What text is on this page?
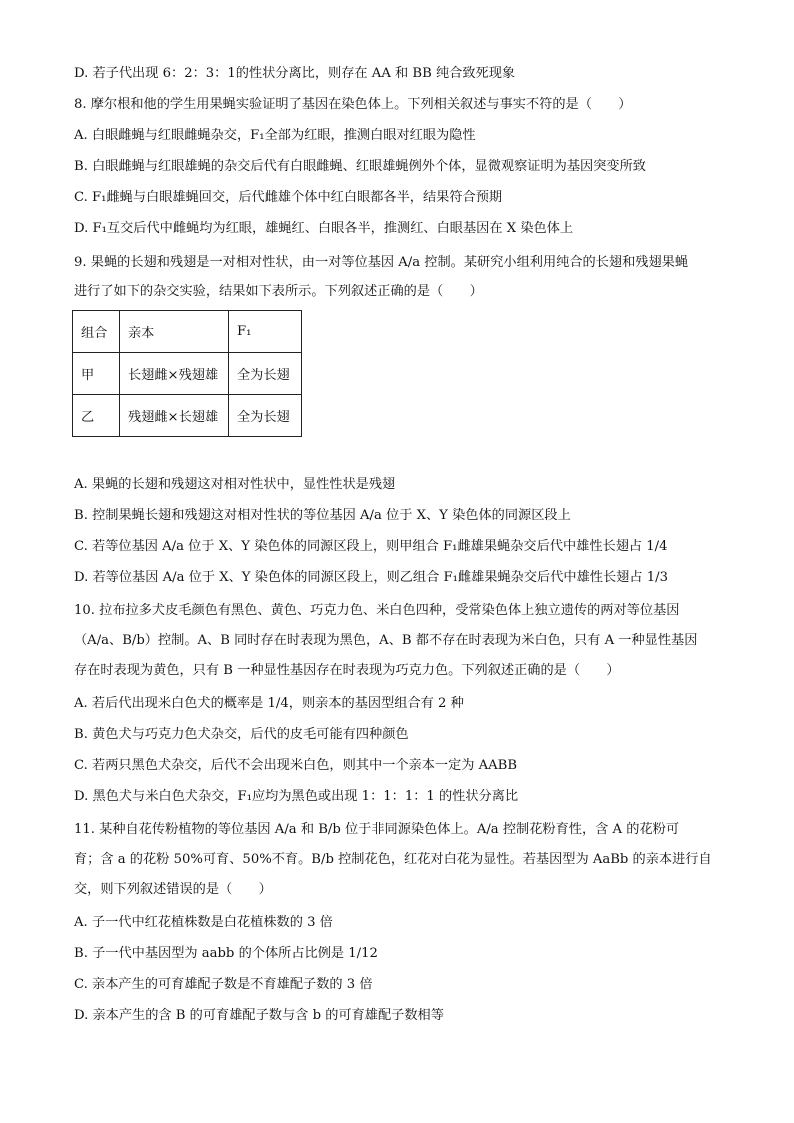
D. 若子代出现 6：2：3：1的性状分离比，则存在 AA 和 BB 纯合致死现象
8. 摩尔根和他的学生用果蝇实验证明了基因在染色体上。下列相关叙述与事实不符的是（　　）
A. 白眼雌蝇与红眼雌蝇杂交，F₁全部为红眼，推测白眼对红眼为隐性
B. 白眼雌蝇与红眼雄蝇的杂交后代有白眼雌蝇、红眼雄蝇例外个体，显微观察证明为基因突变所致
C. F₁雌蝇与白眼雄蝇回交，后代雌雄个体中红白眼都各半，结果符合预期
D. F₁互交后代中雌蝇均为红眼，雄蝇红、白眼各半，推测红、白眼基因在 X 染色体上
9. 果蝇的长翅和残翅是一对相对性状，由一对等位基因 A/a 控制。某研究小组利用纯合的长翅和残翅果蝇
进行了如下的杂交实验，结果如下表所示。下列叙述正确的是（　　）
组合	亲本	F₁
甲	长翅雌×残翅雄	全为长翅
乙	残翅雌×长翅雄	全为长翅
A. 果蝇的长翅和残翅这对相对性状中，显性性状是残翅
B. 控制果蝇长翅和残翅这对相对性状的等位基因 A/a 位于 X、Y 染色体的同源区段上
C. 若等位基因 A/a 位于 X、Y 染色体的同源区段上，则甲组合 F₁雌雄果蝇杂交后代中雄性长翅占 1/4
D. 若等位基因 A/a 位于 X、Y 染色体的同源区段上，则乙组合 F₁雌雄果蝇杂交后代中雄性长翅占 1/3
10. 拉布拉多犬皮毛颜色有黑色、黄色、巧克力色、米白色四种，受常染色体上独立遗传的两对等位基因
（A/a、B/b）控制。A、B 同时存在时表现为黑色，A、B 都不存在时表现为米白色，只有 A 一种显性基因
存在时表现为黄色，只有 B 一种显性基因存在时表现为巧克力色。下列叙述正确的是（　　）
A. 若后代出现米白色犬的概率是 1/4，则亲本的基因型组合有 2 种
B. 黄色犬与巧克力色犬杂交，后代的皮毛可能有四种颜色
C. 若两只黑色犬杂交，后代不会出现米白色，则其中一个亲本一定为 AABB
D. 黑色犬与米白色犬杂交，F₁应均为黑色或出现 1：1：1：1 的性状分离比
11. 某种自花传粉植物的等位基因 A/a 和 B/b 位于非同源染色体上。A/a 控制花粉育性，含 A 的花粉可
育；含 a 的花粉 50%可育、50%不育。B/b 控制花色，红花对白花为显性。若基因型为 AaBb 的亲本进行自
交，则下列叙述错误的是（　　）
A. 子一代中红花植株数是白花植株数的 3 倍
B. 子一代中基因型为 aabb 的个体所占比例是 1/12
C. 亲本产生的可育雄配子数是不育雄配子数的 3 倍
D. 亲本产生的含 B 的可育雄配子数与含 b 的可育雄配子数相等
